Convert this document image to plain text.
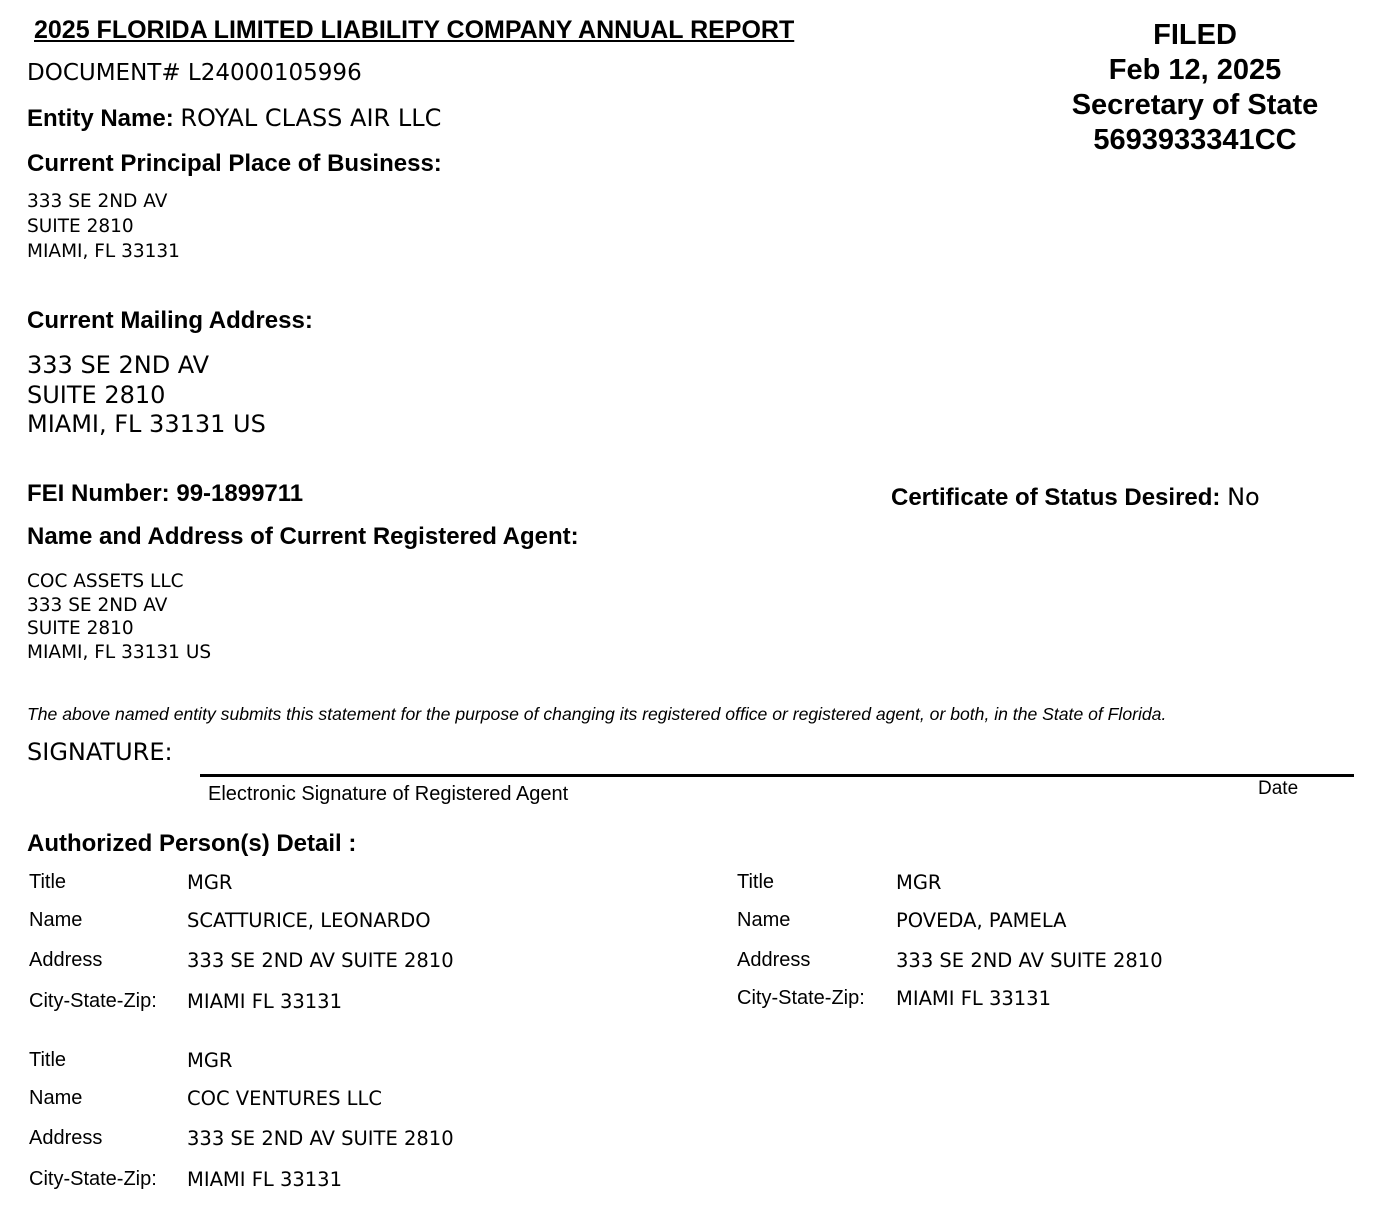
2025 FLORIDA LIMITED LIABILITY COMPANY ANNUAL REPORT	FILED
Feb 12, 2025
Secretary of State
5693933341CC
DOCUMENT# L24000105996
Entity Name: ROYAL CLASS AIR LLC
Current Principal Place of Business:
333 SE 2ND AV
SUITE 2810
MIAMI, FL 33131
Current Mailing Address:
333 SE 2ND AV
SUITE 2810
MIAMI, FL 33131 US
FEI Number: 99-1899711	Certificate of Status Desired: No
Name and Address of Current Registered Agent:
COC ASSETS LLC
333 SE 2ND AV
SUITE 2810
MIAMI, FL 33131 US
The above named entity submits this statement for the purpose of changing its registered office or registered agent, or both, in the State of Florida.
SIGNATURE:
Electronic Signature of Registered Agent	Date
Authorized Person(s) Detail :
Title	MGR
Name	SCATTURICE, LEONARDO
Address	333 SE 2ND AV SUITE 2810
City-State-Zip: MIAMI FL 33131
Title	MGR
Name	POVEDA, PAMELA
Address	333 SE 2ND AV SUITE 2810
City-State-Zip: MIAMI FL 33131
Title	MGR
Name	COC VENTURES LLC
Address	333 SE 2ND AV SUITE 2810
City-State-Zip: MIAMI FL 33131
